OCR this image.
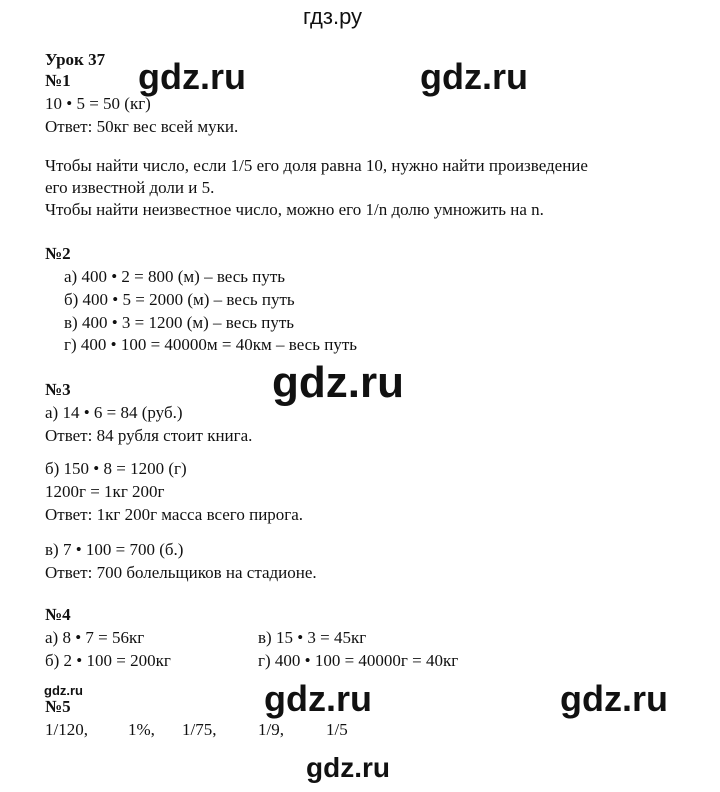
гдз.ру
gdz.ru	gdz.ru
gdz.ru
gdz.ru	gdz.ru	gdz.ru
gdz.ru
Урок 37
№1
10 • 5 = 50 (кг)
Ответ: 50кг вес всей муки.
Чтобы найти число, если 1/5 его доля равна 10, нужно найти произведение
его известной доли и 5.
Чтобы найти неизвестное число, можно его 1/n долю умножить на n.
№2
а) 400 • 2 = 800 (м) – весь путь
б) 400 • 5 = 2000 (м) – весь путь
в) 400 • 3 = 1200 (м) – весь путь
г) 400 • 100 = 40000м = 40км – весь путь
№3
а) 14 • 6 = 84 (руб.)
Ответ: 84 рубля стоит книга.
б) 150 • 8 = 1200 (г)
1200г = 1кг 200г
Ответ: 1кг 200г масса всего пирога.
в) 7 • 100 = 700 (б.)
Ответ: 700 болельщиков на стадионе.
№4
а) 8 • 7 = 56кг	в) 15 • 3 = 45кг
б) 2 • 100 = 200кг	г) 400 • 100 = 40000г = 40кг
№5
1/120, 1%, 1/75, 1/9, 1/5
